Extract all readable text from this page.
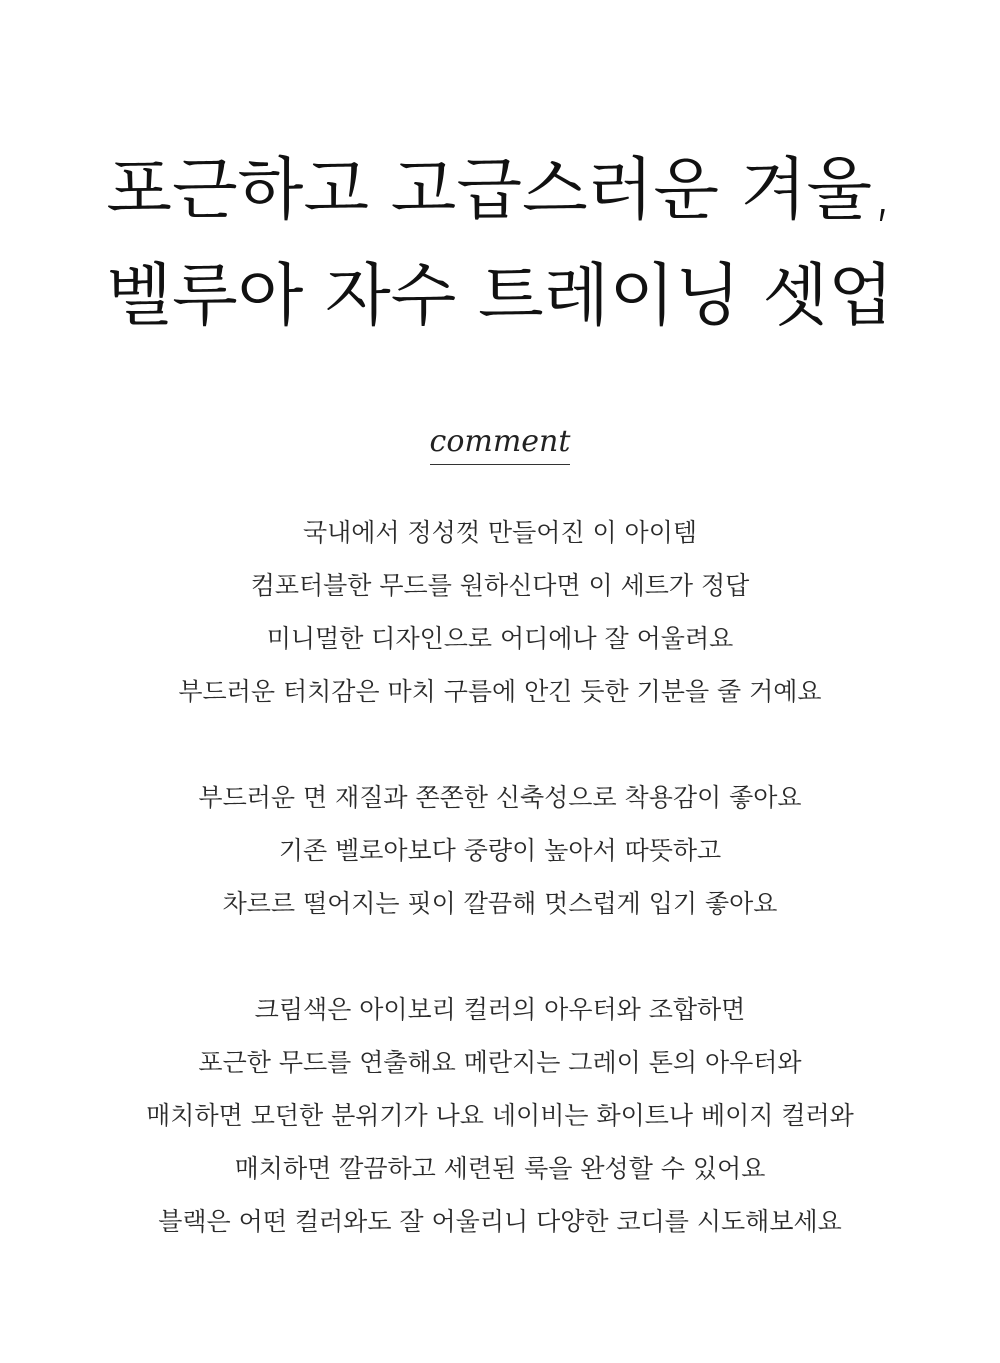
포근하고 고급스러운 겨울,
벨루아 자수 트레이닝 셋업
comment
국내에서 정성껏 만들어진 이 아이템
컴포터블한 무드를 원하신다면 이 세트가 정답
미니멀한 디자인으로 어디에나 잘 어울려요
부드러운 터치감은 마치 구름에 안긴 듯한 기분을 줄 거예요
부드러운 면 재질과 쫀쫀한 신축성으로 착용감이 좋아요
기존 벨로아보다 중량이 높아서 따뜻하고
차르르 떨어지는 핏이 깔끔해 멋스럽게 입기 좋아요
크림색은 아이보리 컬러의 아우터와 조합하면
포근한 무드를 연출해요 메란지는 그레이 톤의 아우터와
매치하면 모던한 분위기가 나요 네이비는 화이트나 베이지 컬러와
매치하면 깔끔하고 세련된 룩을 완성할 수 있어요
블랙은 어떤 컬러와도 잘 어울리니 다양한 코디를 시도해보세요
